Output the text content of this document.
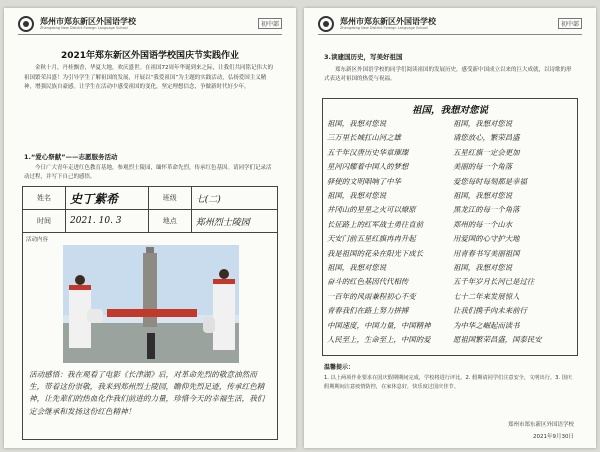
郑州市郑东新区外国语学校
Zhengdong New District Foreign Language School	初中部
2021年郑东新区外国语学校国庆节实践作业
金秋十月，丹桂飘香，华夏大地，欢庆盛世。在祖国72周年华诞到来之际，让我们共同铭记伟大的祖国繁荣昌盛！为引导学生了解祖国的发展，开展以“我爱祖国”为主题的实践活动，弘扬爱国主义精神，增强民族自豪感。让学生在活动中感受祖国的变化，坚定理想信念，争做新时代好少年。
1.“爱心祭献”——志愿服务活动
今日广大青年走进红色教育基地，参观烈士陵园，缅怀革命先烈，传承红色基因。请同学们记录活动过程，并写下自己的感悟。
姓名	史丁紫希	班级	七(二)
时间	2021. 10. 3	地点	郑州烈士陵园
活动内容
活动感悟：我在观看了电影《长津湖》后，对革命先烈的敬意油然而生，带着这份崇敬，我来到郑州烈士陵园，瞻仰先烈足迹，传承红色精神，让先辈们的热血化作我们前进的力量，珍惜今天的幸福生活，我们定会继承和发扬这份红色精神！
郑州市郑东新区外国语学校
Zhengdong New District Foreign Language School	初中部
3.读建国历史，写美好祖国
郑东新区外国语学校的同学们阅读祖国的发展历史，感受新中国成立以来的巨大成就，以诗歌的形式表达对祖国的热爱与祝福。
祖国，我想对您说
祖国，我想对您说
三万里长城扛山河之雄
五千年汉唐历史华章璀璨
星河闪耀着中国人的梦想
驿使的文明唱响了中华
祖国，我想对您说
井冈山的星星之火可以燎原
长征路上的红军战士勇往直前
天安门前五星红旗冉冉升起
我是祖国的花朵在阳光下成长
祖国，我想对您说
奋斗的红色基因代代相传
一百年的风雨兼程初心不变
青春我们在路上努力拼搏
中国速度，中国力量，中国精神
人民至上，生命至上，中国的爱
祖国，我想对您说
请您放心，繁荣昌盛
五星红旗一定会更加
美丽的每一个角落
爱您每时每刻都是幸福
祖国，我想对您说
黑龙江的每一个角落
郑州的每一个山水
用爱国的心守护大地
用青春书写美丽祖国
祖国，我想对您说
五千年岁月长河已是过往
七十二年来发展惊人
让我们携手向未来前行
为中华之崛起而读书
愿祖国繁荣昌盛，国泰民安
温馨提示：
1. 以上两项作业要求在国庆假期期间完成，学校将进行评比。2. 假期请同学们注意安全，文明出行。3. 国庆假期期间注意疫情防控，在家休息好，快乐度过国庆佳节。
郑州市郑东新区外国语学校
2021年9月30日
